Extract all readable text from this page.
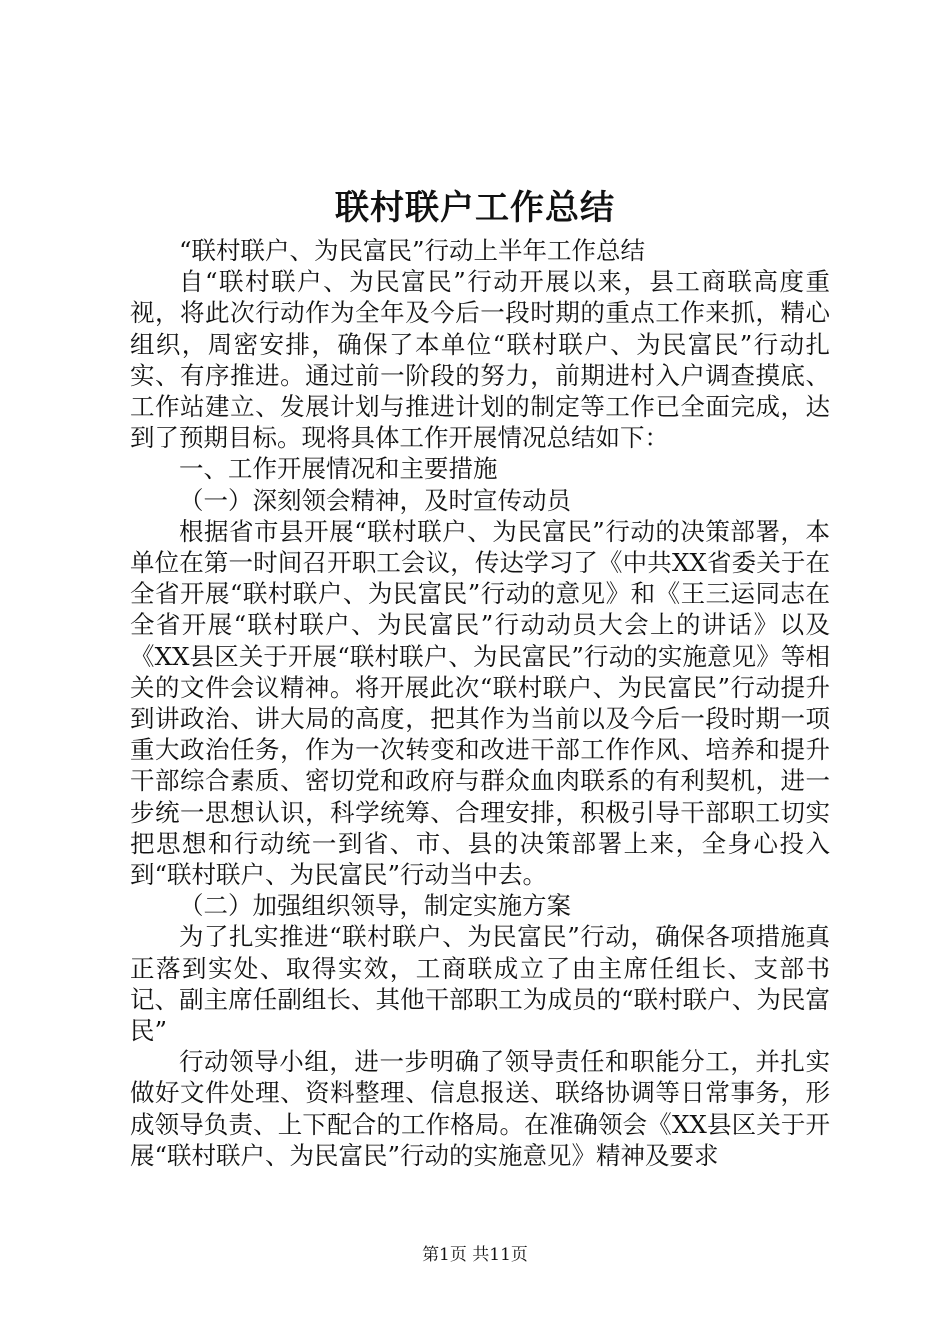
联村联户工作总结

“联村联户、为民富民”行动上半年工作总结

自“联村联户、为民富民”行动开展以来，县工商联高度重视，将此次行动作为全年及今后一段时期的重点工作来抓，精心组织，周密安排，确保了本单位“联村联户、为民富民”行动扎实、有序推进。通过前一阶段的努力，前期进村入户调查摸底、工作站建立、发展计划与推进计划的制定等工作已全面完成，达到了预期目标。现将具体工作开展情况总结如下：

一、工作开展情况和主要措施

（一）深刻领会精神，及时宣传动员

根据省市县开展“联村联户、为民富民”行动的决策部署，本单位在第一时间召开职工会议，传达学习了《中共XX省委关于在全省开展“联村联户、为民富民”行动的意见》和《王三运同志在全省开展“联村联户、为民富民”行动动员大会上的讲话》以及《XX县区关于开展“联村联户、为民富民”行动的实施意见》等相关的文件会议精神。将开展此次“联村联户、为民富民”行动提升到讲政治、讲大局的高度，把其作为当前以及今后一段时期一项重大政治任务，作为一次转变和改进干部工作作风、培养和提升干部综合素质、密切党和政府与群众血肉联系的有利契机，进一步统一思想认识，科学统筹、合理安排，积极引导干部职工切实把思想和行动统一到省、市、县的决策部署上来，全身心投入到“联村联户、为民富民”行动当中去。

（二）加强组织领导，制定实施方案

为了扎实推进“联村联户、为民富民”行动，确保各项措施真正落到实处、取得实效，工商联成立了由主席任组长、支部书记、副主席任副组长、其他干部职工为成员的“联村联户、为民富民”

行动领导小组，进一步明确了领导责任和职能分工，并扎实做好文件处理、资料整理、信息报送、联络协调等日常事务，形成领导负责、上下配合的工作格局。在准确领会《XX县区关于开展“联村联户、为民富民”行动的实施意见》精神及要求

第1页 共11页
